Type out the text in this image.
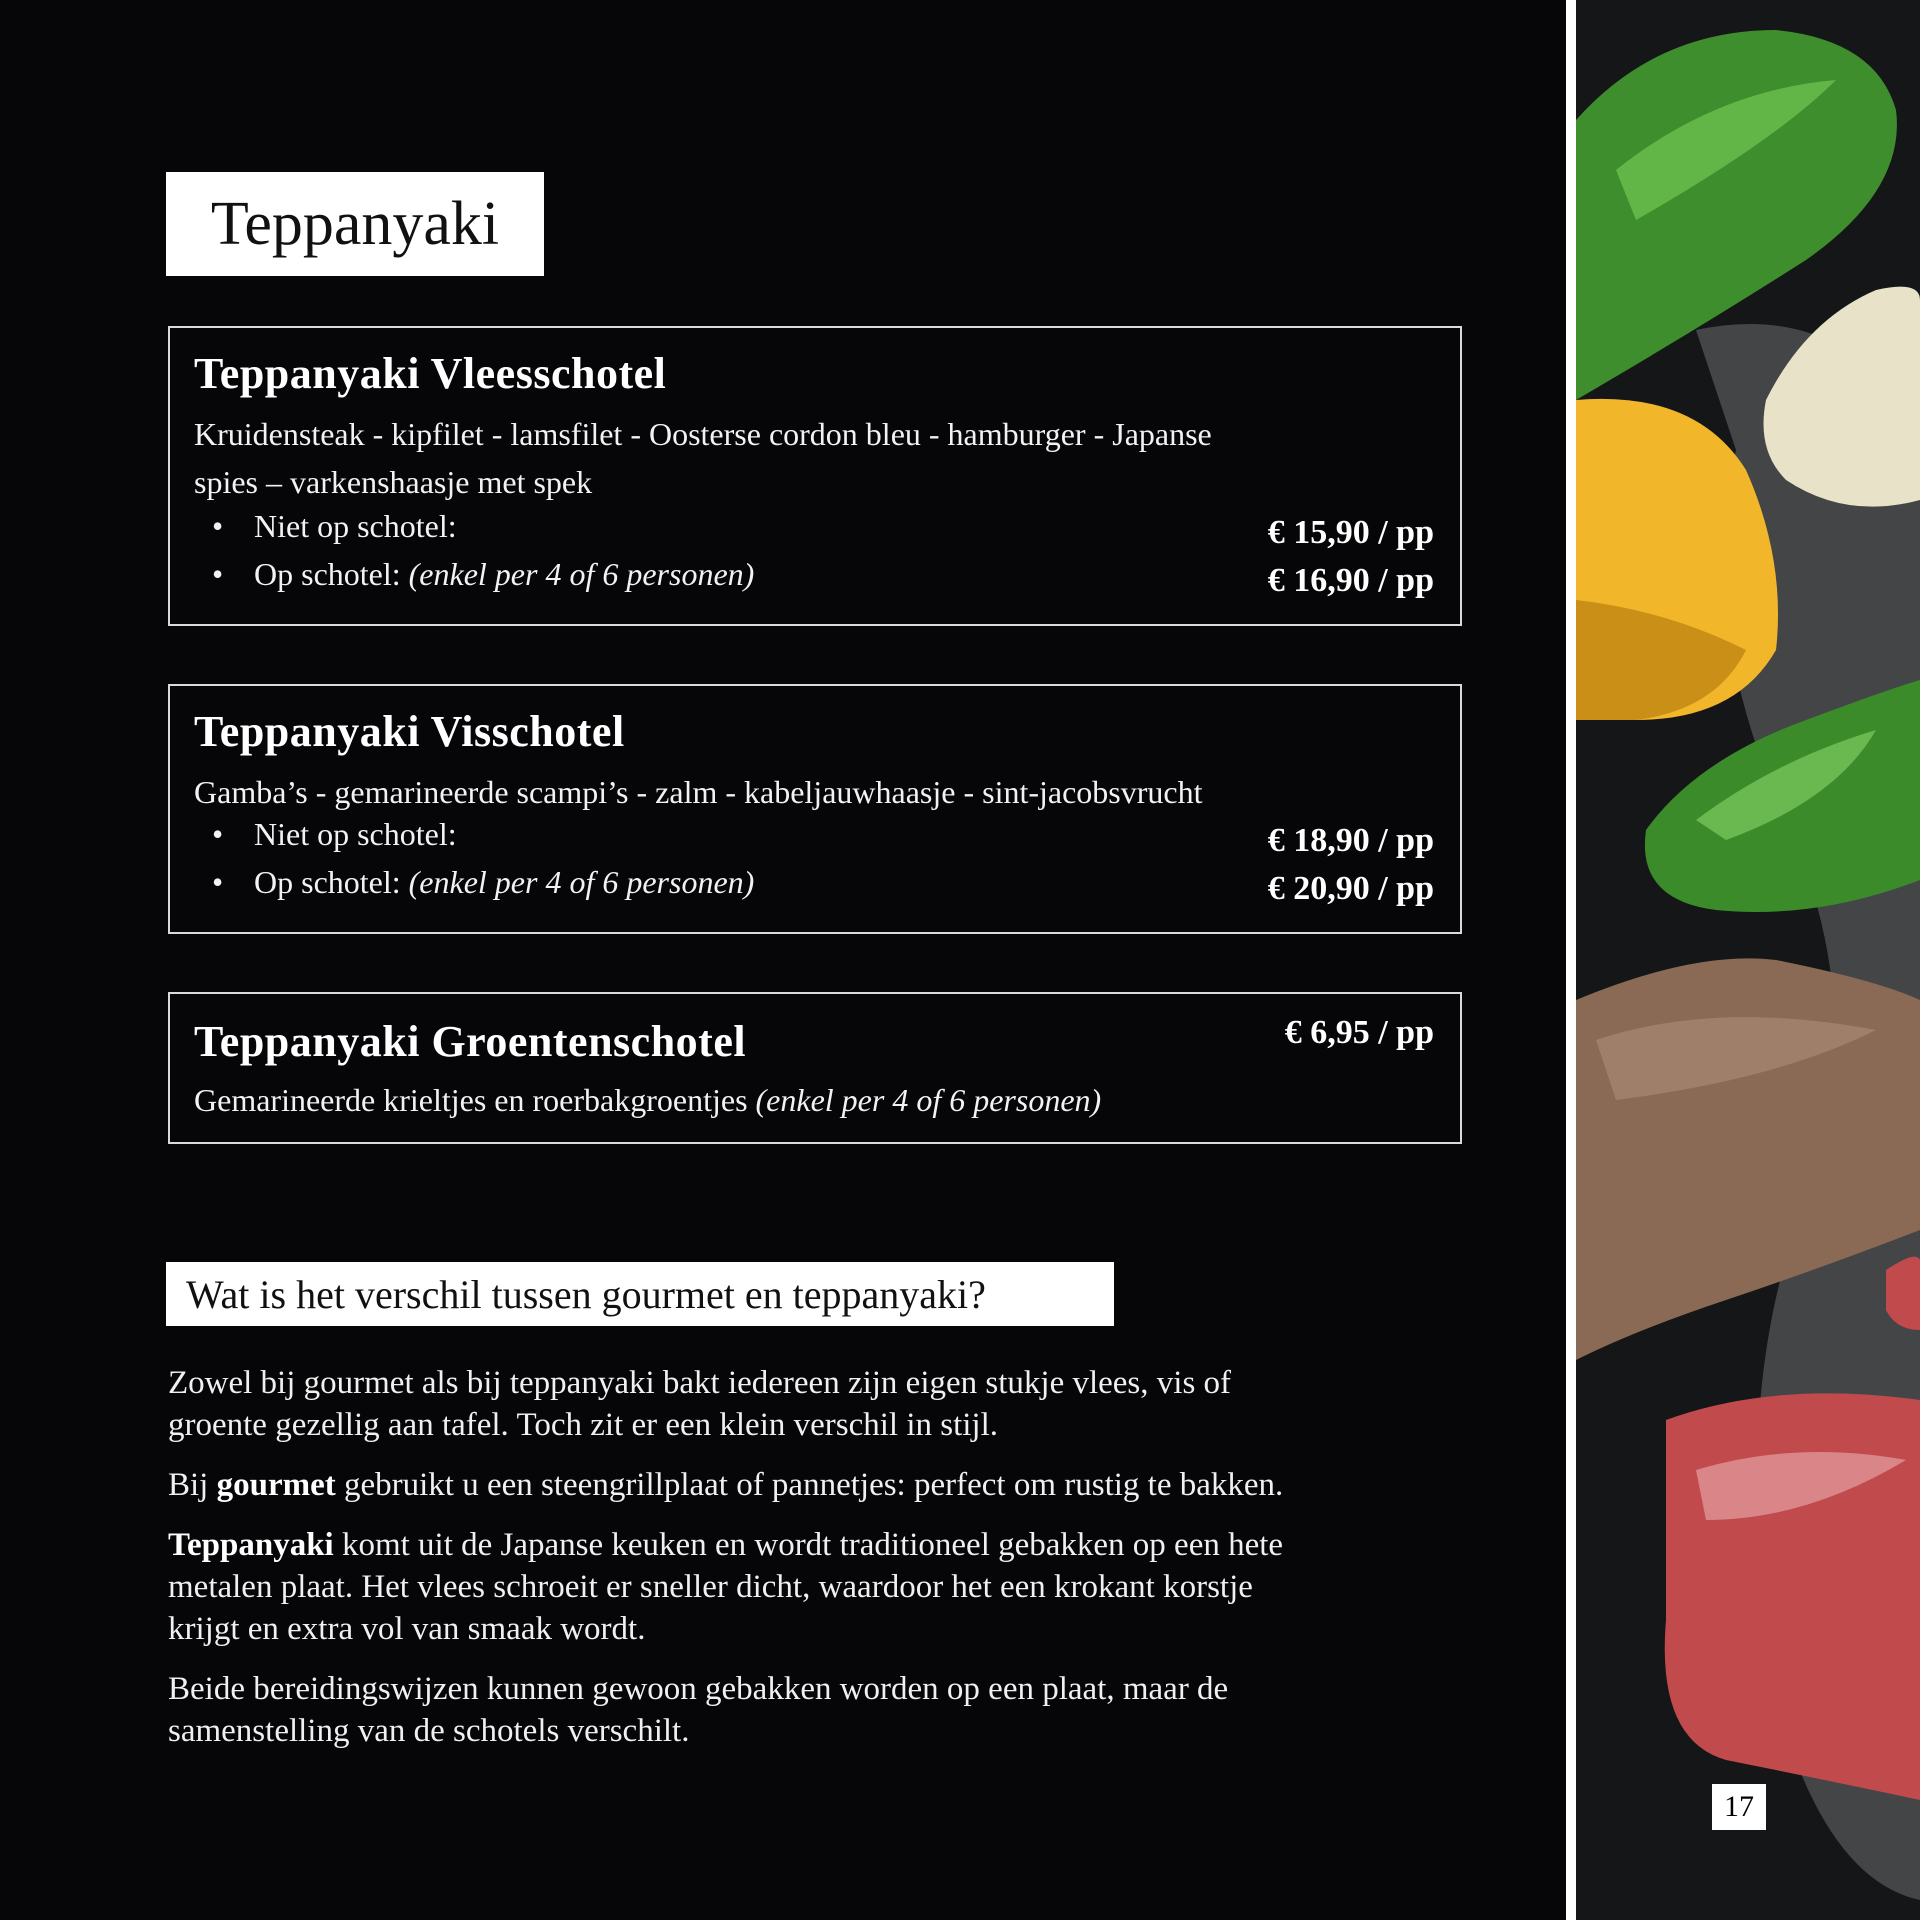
Teppanyaki
Teppanyaki Vleesschotel
Kruidensteak - kipfilet - lamsfilet - Oosterse cordon bleu - hamburger - Japanse
spies – varkenshaasje met spek
• Niet op schotel:	€ 15,90 / pp
• Op schotel: (enkel per 4 of 6 personen)	€ 16,90 / pp
Teppanyaki Visschotel
Gamba’s - gemarineerde scampi’s - zalm - kabeljauwhaasje - sint-jacobsvrucht
• Niet op schotel:	€ 18,90 / pp
• Op schotel: (enkel per 4 of 6 personen)	€ 20,90 / pp
Teppanyaki Groentenschotel	€ 6,95 / pp
Gemarineerde krieltjes en roerbakgroentjes (enkel per 4 of 6 personen)
Wat is het verschil tussen gourmet en teppanyaki?
Zowel bij gourmet als bij teppanyaki bakt iedereen zijn eigen stukje vlees, vis of
groente gezellig aan tafel. Toch zit er een klein verschil in stijl.
Bij gourmet gebruikt u een steengrillplaat of pannetjes: perfect om rustig te bakken.
Teppanyaki komt uit de Japanse keuken en wordt traditioneel gebakken op een hete
metalen plaat. Het vlees schroeit er sneller dicht, waardoor het een krokant korstje
krijgt en extra vol van smaak wordt.
Beide bereidingswijzen kunnen gewoon gebakken worden op een plaat, maar de
samenstelling van de schotels verschilt.
17
